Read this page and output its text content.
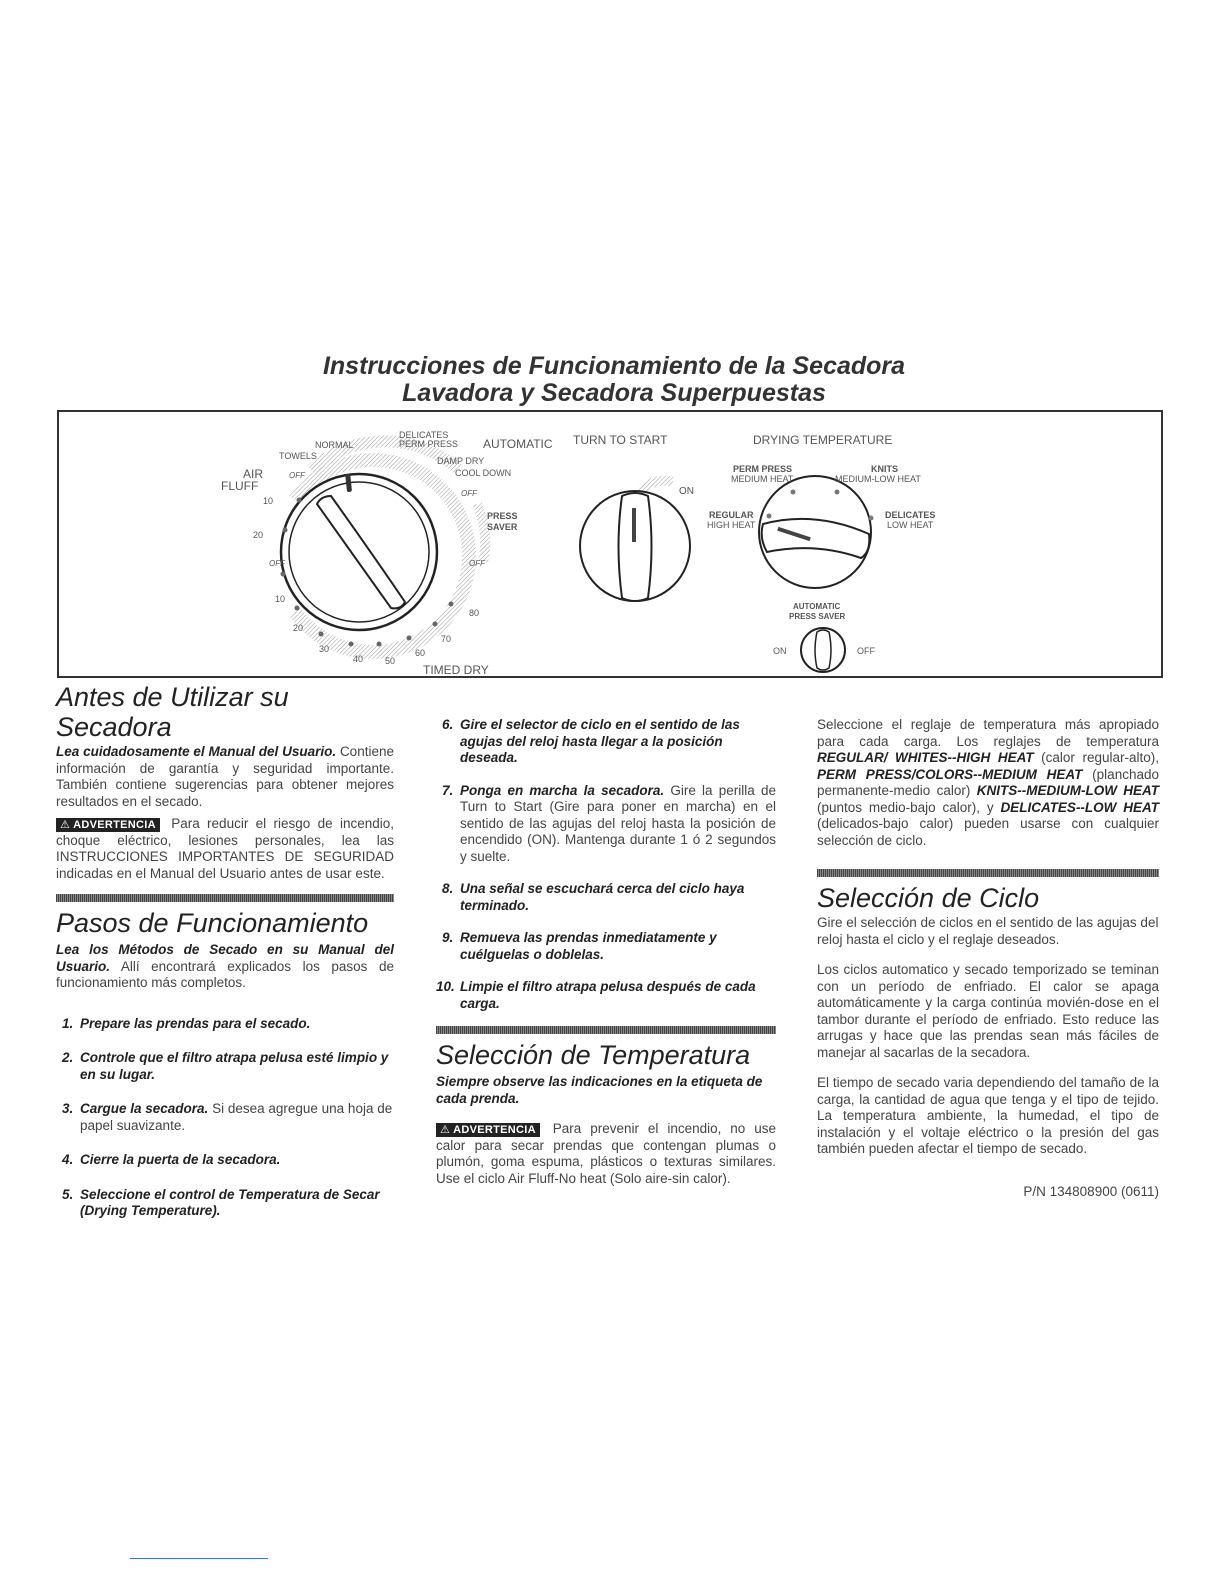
Instrucciones de Funcionamiento de la Secadora
Lavadora y Secadora Superpuestas
DELICATES
PERM PRESS AUTOMATIC
NORMAL
TOWELS	DAMP DRY
AIR
FLUFF
OFF	COOL DOWN
OFF
PRESS
SAVER
10
20
OFF	OFF
10
20
30
40 50
60
70
80
TIMED DRY
TURN TO START
ON
PERM PRESS
MEDIUM HEAT
KNITS
MEDIUM-LOW HEAT
REGULAR
HIGH HEAT
DELICATES
LOW HEAT
DRYING TEMPERATURE
AUTOMATIC
PRESS SAVER
ON	OFF
Antes de Utilizar su Secadora

Lea cuidadosamente el Manual del Usuario. Contiene información de garantía y seguridad importante. También contiene sugerencias para obtener mejores resultados en el secado.

⚠ ADVERTENCIA Para reducir el riesgo de incendio, choque eléctrico, lesiones personales, lea las INSTRUCCIONES IMPORTANTES DE SEGURIDAD indicadas en el Manual del Usuario antes de usar este.

Pasos de Funcionamiento

Lea los Métodos de Secado en su Manual del Usuario. Allí encontrará explicados los pasos de funcionamiento más completos.

1. Prepare las prendas para el secado.

2. Controle que el filtro atrapa pelusa esté limpio y en su lugar.

3. Cargue la secadora. Si desea agregue una hoja de papel suavizante.

4. Cierre la puerta de la secadora.

5. Seleccione el control de Temperatura de Secar (Drying Temperature).

6. Gire el selector de ciclo en el sentido de las agujas del reloj hasta llegar a la posición deseada.

7. Ponga en marcha la secadora. Gire la perilla de Turn to Start (Gire para poner en marcha) en el sentido de las agujas del reloj hasta la posición de encendido (ON). Mantenga durante 1 ó 2 segundos y suelte.

8. Una señal se escuchará cerca del ciclo haya terminado.

9. Remueva las prendas inmediatamente y cuélguelas o doblelas.

10. Limpie el filtro atrapa pelusa después de cada carga.

Selección de Temperatura

Siempre observe las indicaciones en la etiqueta de cada prenda.

⚠ ADVERTENCIA Para prevenir el incendio, no use calor para secar prendas que contengan plumas o plumón, goma espuma, plásticos o texturas similares. Use el ciclo Air Fluff-No heat (Solo aire-sin calor).

Seleccione el reglaje de temperatura más apropiado para cada carga. Los reglajes de temperatura REGULAR/ WHITES--HIGH HEAT (calor regular-alto), PERM PRESS/COLORS--MEDIUM HEAT (planchado permanente-medio calor) KNITS--MEDIUM-LOW HEAT (puntos medio-bajo calor), y DELICATES--LOW HEAT (delicados-bajo calor) pueden usarse con cualquier selección de ciclo.

Selección de Ciclo

Gire el selección de ciclos en el sentido de las agujas del reloj hasta el ciclo y el reglaje deseados.

Los ciclos automatico y secado temporizado se teminan con un período de enfriado. El calor se apaga automáticamente y la carga continúa movién-dose en el tambor durante el período de enfriado. Esto reduce las arrugas y hace que las prendas sean más fáciles de manejar al sacarlas de la secadora.

El tiempo de secado varia dependiendo del tamaño de la carga, la cantidad de agua que tenga y el tipo de tejido. La temperatura ambiente, la humedad, el tipo de instalación y el voltaje eléctrico o la presión del gas también pueden afectar el tiempo de secado.

P/N 134808900 (0611)
